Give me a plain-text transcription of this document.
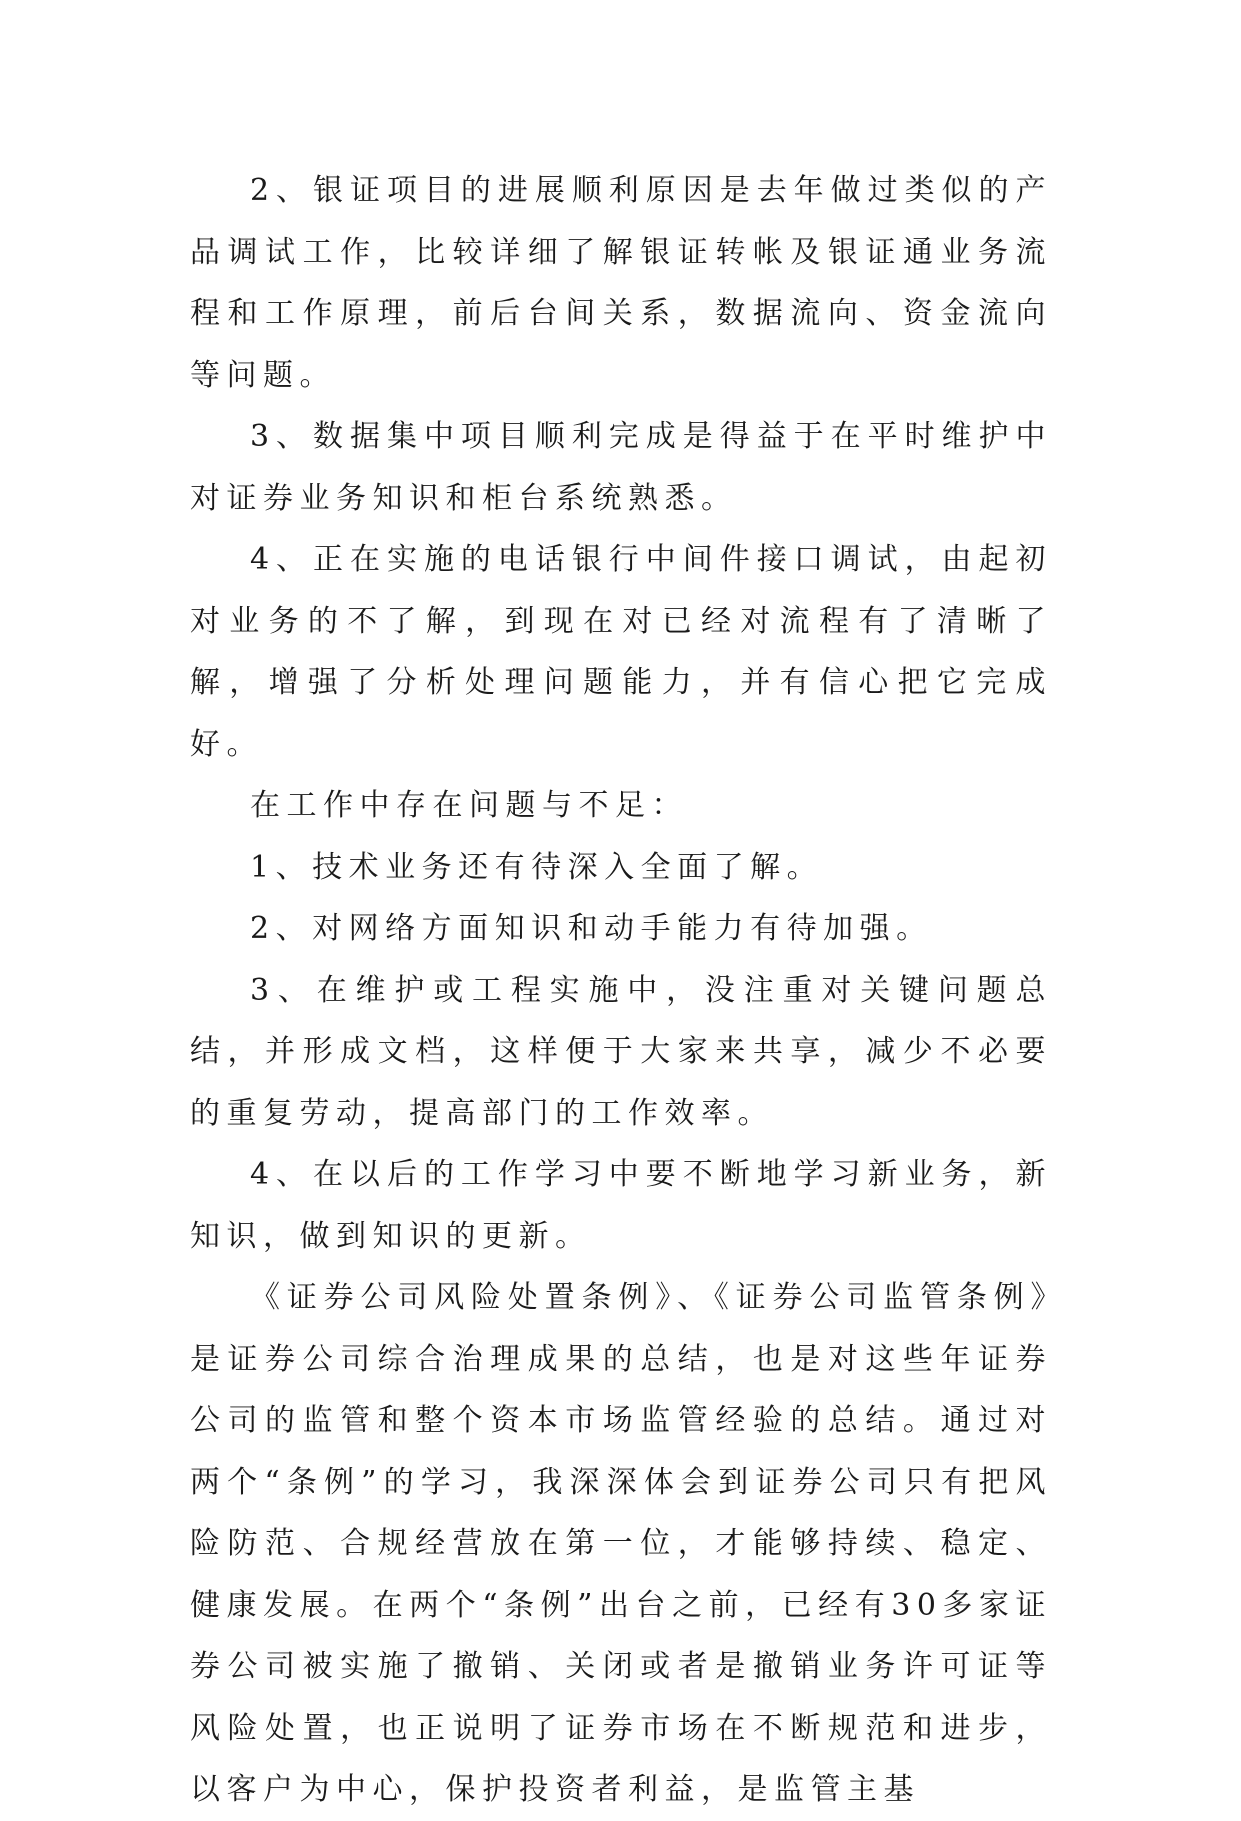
2、银证项目的进展顺利原因是去年做过类似的产品调试工作，比较详细了解银证转帐及银证通业务流程和工作原理，前后台间关系，数据流向、资金流向等问题。

3、数据集中项目顺利完成是得益于在平时维护中对证券业务知识和柜台系统熟悉。

4、正在实施的电话银行中间件接口调试，由起初对业务的不了解，到现在对已经对流程有了清晰了解，增强了分析处理问题能力，并有信心把它完成好。

在工作中存在问题与不足：

1、技术业务还有待深入全面了解。

2、对网络方面知识和动手能力有待加强。

3、在维护或工程实施中，没注重对关键问题总结，并形成文档，这样便于大家来共享，减少不必要的重复劳动，提高部门的工作效率。

4、在以后的工作学习中要不断地学习新业务，新知识，做到知识的更新。

《证券公司风险处置条例》、《证券公司监管条例》是证券公司综合治理成果的总结，也是对这些年证券公司的监管和整个资本市场监管经验的总结。通过对两个“条例”的学习，我深深体会到证券公司只有把风险防范、合规经营放在第一位，才能够持续、稳定、健康发展。在两个“条例”出台之前，已经有30多家证券公司被实施了撤销、关闭或者是撤销业务许可证等风险处置，也正说明了证券市场在不断规范和进步，以客户为中心，保护投资者利益，是监管主基
